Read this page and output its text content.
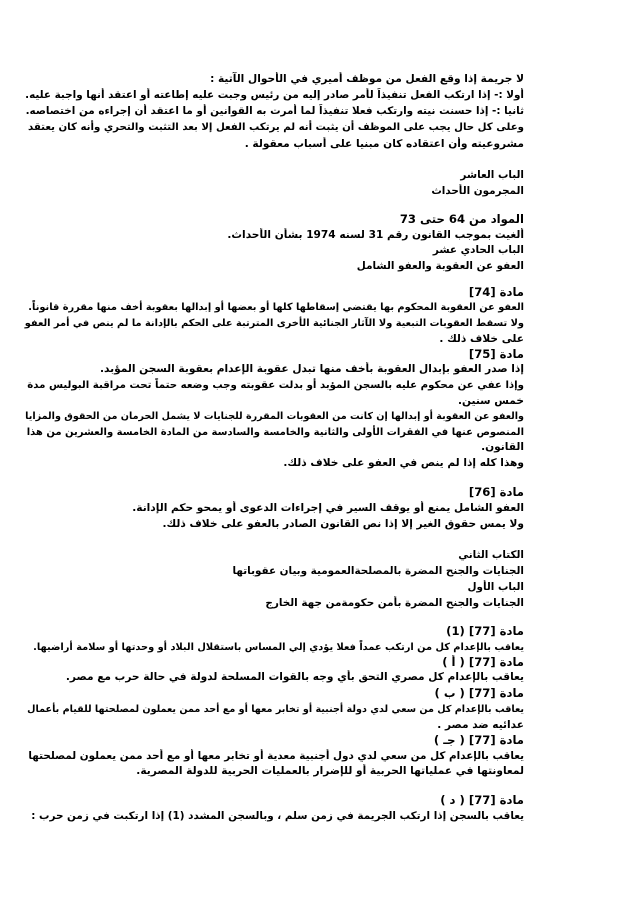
لا جريمة إذا وقع الفعل من موظف أميري في الأحوال الآتية :
أولا :- إذا ارتكب الفعل تنفيذاً لأمر صادر إليه من رئيس وجبت عليه إطاعته أو اعتقد أنها واجبة عليه.
ثانيا :- إذا حسنت نيته وارتكب فعلا تنفيذاً لما أمرت به القوانين أو ما اعتقد أن إجراءه من اختصاصه.
وعلى كل حال يجب على الموظف أن يثبت أنه لم يرتكب الفعل إلا بعد التثبت والتحري وأنه كان يعتقد
مشروعيته وأن اعتقاده كان مبنيا على أسباب معقولة .
الباب العاشر
المجرمون الأحداث
المواد من 64 حتى 73
ألغيت بموجب القانون رقم 31 لسنه 1974 بشأن الأحداث.
الباب الحادي عشر
العفو عن العقوبة والعفو الشامل
مادة [74]
العفو عن العقوبة المحكوم بها يقتضي إسقاطها كلها أو بعضها أو إبدالها بعقوبة أخف منها مقررة قانوناً.
ولا تسقط العقوبات التبعية ولا الآثار الجنائية الأخرى المترتبة على الحكم بالإدانة ما لم ينص في أمر العفو
على خلاف ذلك .
مادة [75]
إذا صدر العفو بإبدال العقوبة بأخف منها تبدل عقوبة الإعدام بعقوبة السجن المؤبد.
وإذا عفي عن محكوم عليه بالسجن المؤبد أو بدلت عقوبته وجب وضعه حتماً تحت مراقبة البوليس مدة
خمس سنين.
والعفو عن العقوبة أو إبدالها إن كانت من العقوبات المقررة للجنايات لا يشمل الحرمان من الحقوق والمزايا
المنصوص عنها في الفقرات الأولى والثانية والخامسة والسادسة من المادة الخامسة والعشرين من هذا
القانون.
وهذا كله إذا لم ينص في العفو على خلاف ذلك.
مادة [76]
العفو الشامل يمنع أو يوقف السير في إجراءات الدعوى أو يمحو حكم الإدانة.
ولا يمس حقوق الغير إلا إذا نص القانون الصادر بالعفو على خلاف ذلك.
الكتاب الثاني
الجنايات والجنح المضرة بالمصلحةالعمومية وبيان عقوباتها
الباب الأول
الجنايات والجنح المضرة بأمن حكومةمن جهة الخارج
مادة [77] (1)
يعاقب بالإعدام كل من ارتكب عمداً فعلا يؤدي إلي المساس باستقلال البلاد أو وحدتها أو سلامة أراضيها.
مادة [77] ( أ )
يعاقب بالإعدام كل مصري التحق بأي وجه بالقوات المسلحة لدولة في حالة حرب مع مصر.
مادة [77] ( ب )
يعاقب بالإعدام كل من سعي لدي دولة أجنبية أو تخابر معها أو مع أحد ممن يعملون لمصلحتها للقيام بأعمال
عدائيه ضد مصر .
مادة [77] ( جـ )
يعاقب بالإعدام كل من سعي لدي دول أجنبية معدية أو تخابر معها أو مع أحد ممن يعملون لمصلحتها
لمعاونتها في عملياتها الحربية أو للإضرار بالعمليات الحربية للدولة المصرية.
مادة [77] ( د )
يعاقب بالسجن إذا ارتكب الجريمة في زمن سلم ، وبالسجن المشدد (1) إذا ارتكبت في زمن حرب :
